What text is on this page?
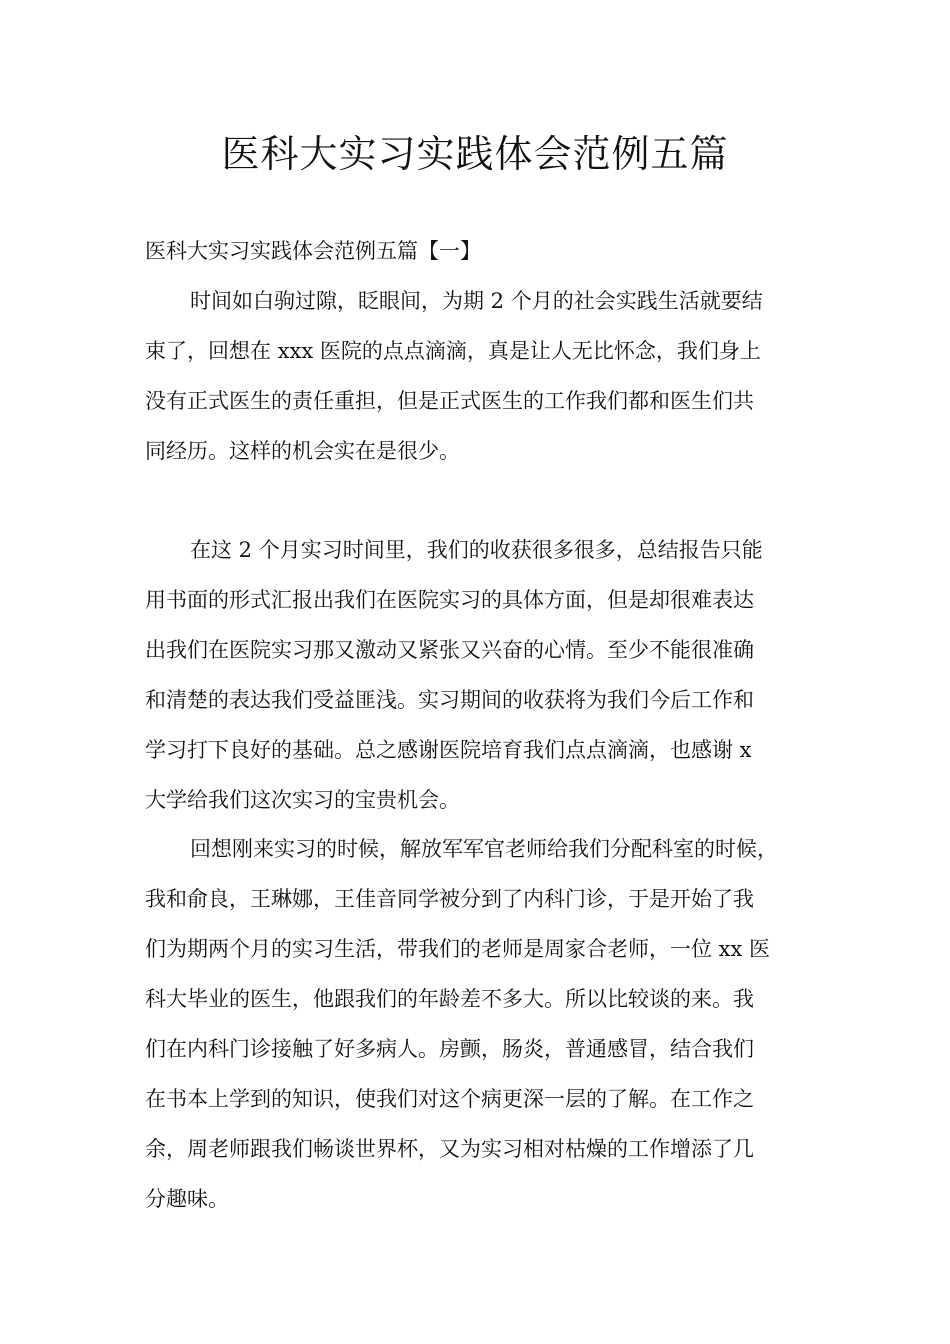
医科大实习实践体会范例五篇
医科大实习实践体会范例五篇【一】
时间如白驹过隙，眨眼间，为期 2 个月的社会实践生活就要结
束了，回想在 xxx 医院的点点滴滴，真是让人无比怀念，我们身上
没有正式医生的责任重担，但是正式医生的工作我们都和医生们共
同经历。这样的机会实在是很少。
在这 2 个月实习时间里，我们的收获很多很多，总结报告只能
用书面的形式汇报出我们在医院实习的具体方面，但是却很难表达
出我们在医院实习那又激动又紧张又兴奋的心情。至少不能很准确
和清楚的表达我们受益匪浅。实习期间的收获将为我们今后工作和
学习打下良好的基础。总之感谢医院培育我们点点滴滴，也感谢 x
大学给我们这次实习的宝贵机会。
回想刚来实习的时候，解放军军官老师给我们分配科室的时候，
我和俞良，王琳娜，王佳音同学被分到了内科门诊，于是开始了我
们为期两个月的实习生活，带我们的老师是周家合老师，一位 xx 医
科大毕业的医生，他跟我们的年龄差不多大。所以比较谈的来。我
们在内科门诊接触了好多病人。房颤，肠炎，普通感冒，结合我们
在书本上学到的知识，使我们对这个病更深一层的了解。在工作之
余，周老师跟我们畅谈世界杯，又为实习相对枯燥的工作增添了几
分趣味。
